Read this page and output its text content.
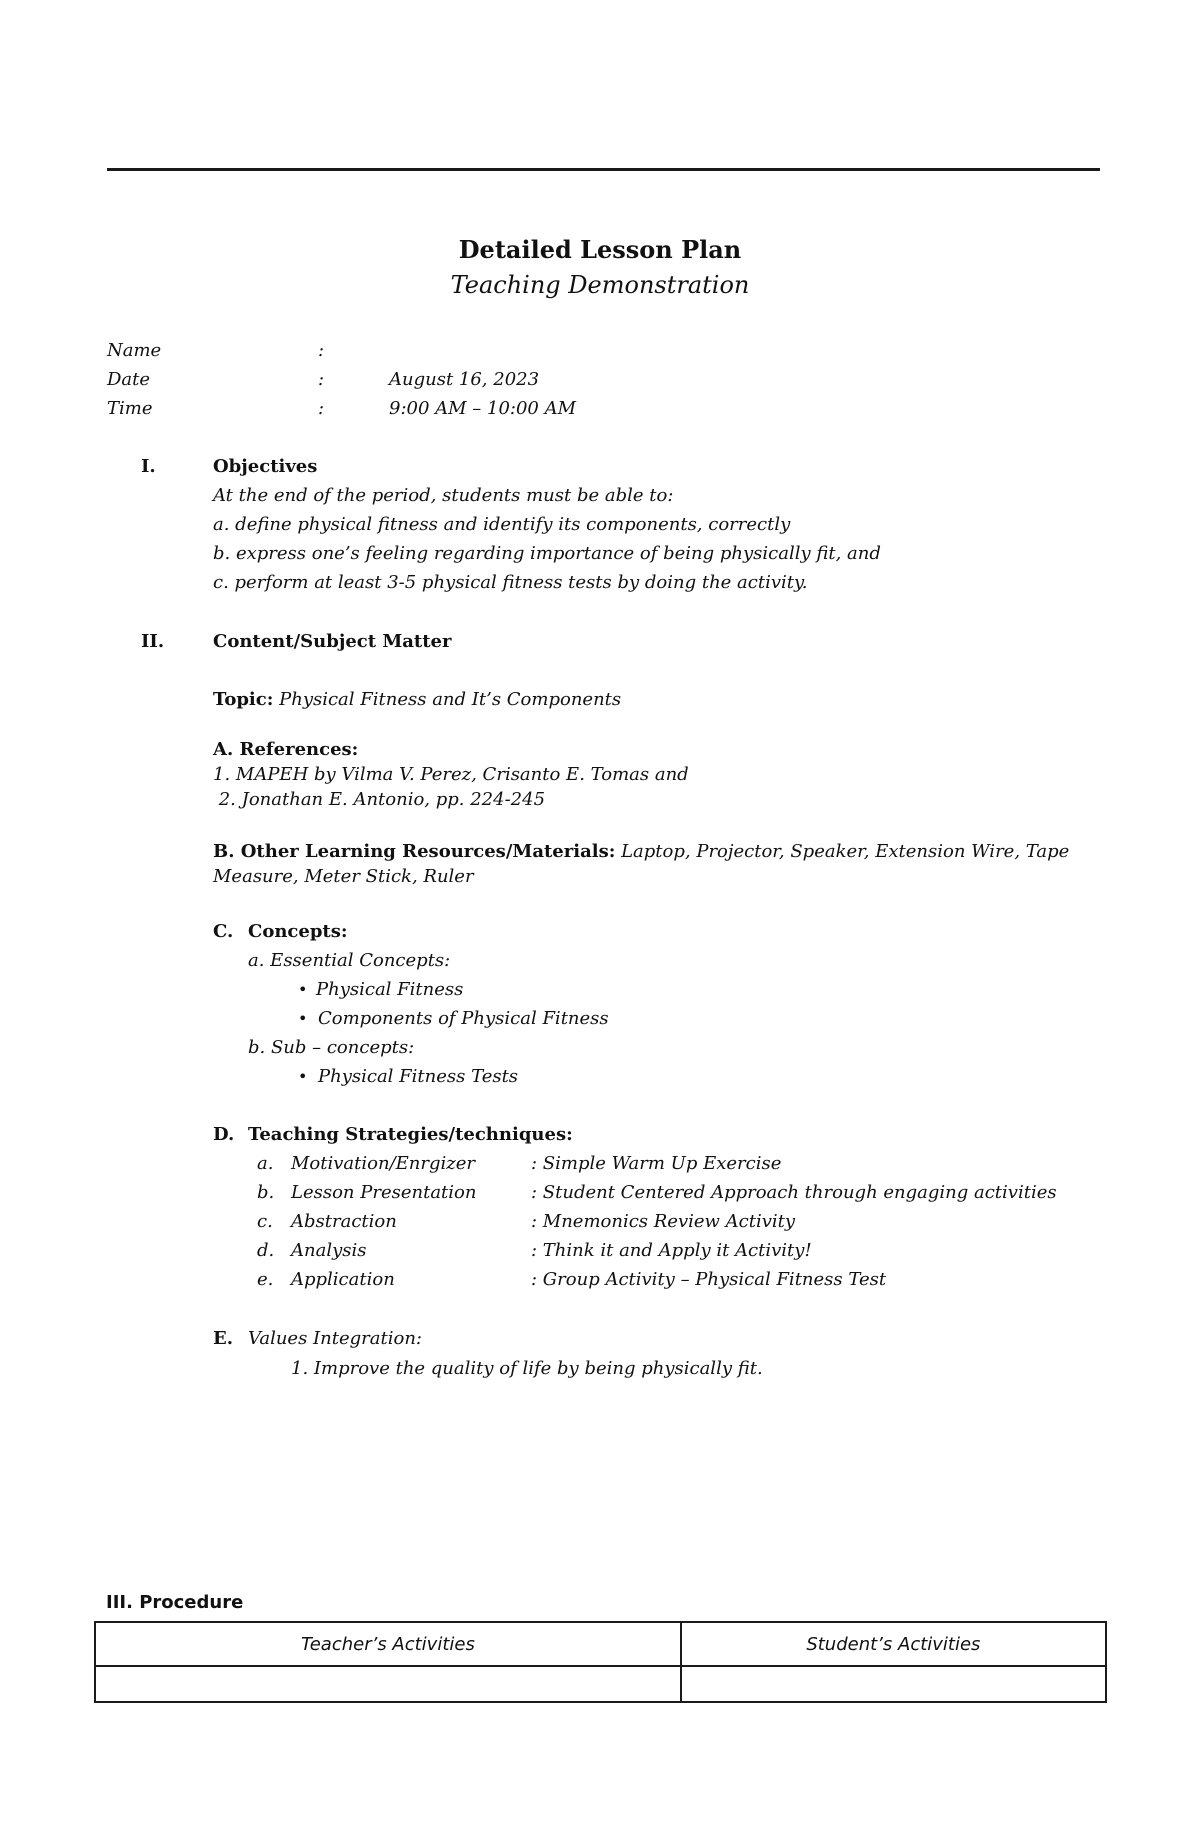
Detailed Lesson Plan
Teaching Demonstration
Name	:
Date	:	August 16, 2023
Time	:	9:00 AM – 10:00 AM
I.	Objectives
At the end of the period, students must be able to:
a. define physical fitness and identify its components, correctly
b. express one’s feeling regarding importance of being physically fit, and
c. perform at least 3-5 physical fitness tests by doing the activity.
II.	Content/Subject Matter
Topic: Physical Fitness and It’s Components
A. References:
1. MAPEH by Vilma V. Perez, Crisanto E. Tomas and
2. Jonathan E. Antonio, pp. 224-245
B. Other Learning Resources/Materials: Laptop, Projector, Speaker, Extension Wire, Tape
Measure, Meter Stick, Ruler
C. Concepts:
a. Essential Concepts:
• Physical Fitness
• Components of Physical Fitness
b. Sub – concepts:
• Physical Fitness Tests
D. Teaching Strategies/techniques:
a. Motivation/Enrgizer	: Simple Warm Up Exercise
b. Lesson Presentation	: Student Centered Approach through engaging activities
c. Abstraction	: Mnemonics Review Activity
d. Analysis	: Think it and Apply it Activity!
e. Application	: Group Activity – Physical Fitness Test
E. Values Integration:
1. Improve the quality of life by being physically fit.
III. Procedure
Teacher’s Activities	Student’s Activities
